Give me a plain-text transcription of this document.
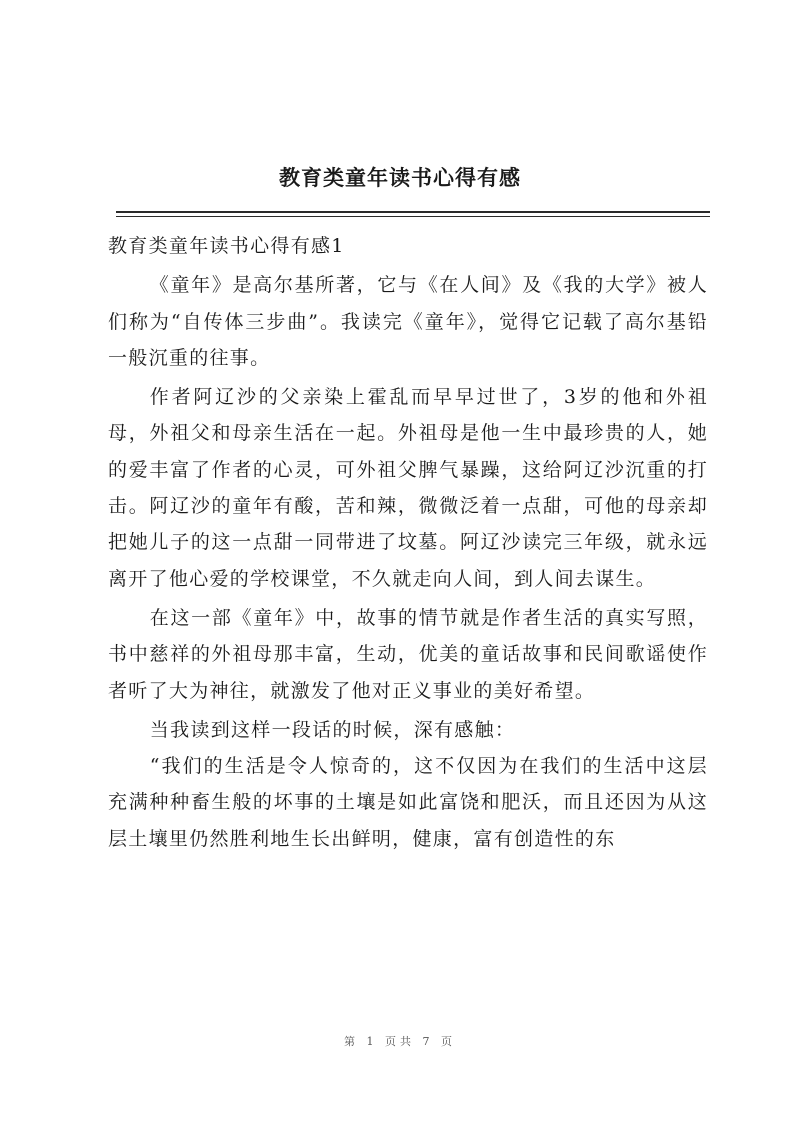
教育类童年读书心得有感

教育类童年读书心得有感1

《童年》是高尔基所著，它与《在人间》及《我的大学》被人们称为“自传体三步曲”。我读完《童年》，觉得它记载了高尔基铅一般沉重的往事。

作者阿辽沙的父亲染上霍乱而早早过世了，3岁的他和外祖母，外祖父和母亲生活在一起。外祖母是他一生中最珍贵的人，她的爱丰富了作者的心灵，可外祖父脾气暴躁，这给阿辽沙沉重的打击。阿辽沙的童年有酸，苦和辣，微微泛着一点甜，可他的母亲却把她儿子的这一点甜一同带进了坟墓。阿辽沙读完三年级，就永远离开了他心爱的学校课堂，不久就走向人间，到人间去谋生。

在这一部《童年》中，故事的情节就是作者生活的真实写照，书中慈祥的外祖母那丰富，生动，优美的童话故事和民间歌谣使作者听了大为神往，就激发了他对正义事业的美好希望。

当我读到这样一段话的时候，深有感触：

“我们的生活是令人惊奇的，这不仅因为在我们的生活中这层充满种种畜生般的坏事的土壤是如此富饶和肥沃，而且还因为从这层土壤里仍然胜利地生长出鲜明，健康，富有创造性的东

第 1 页共 7 页
